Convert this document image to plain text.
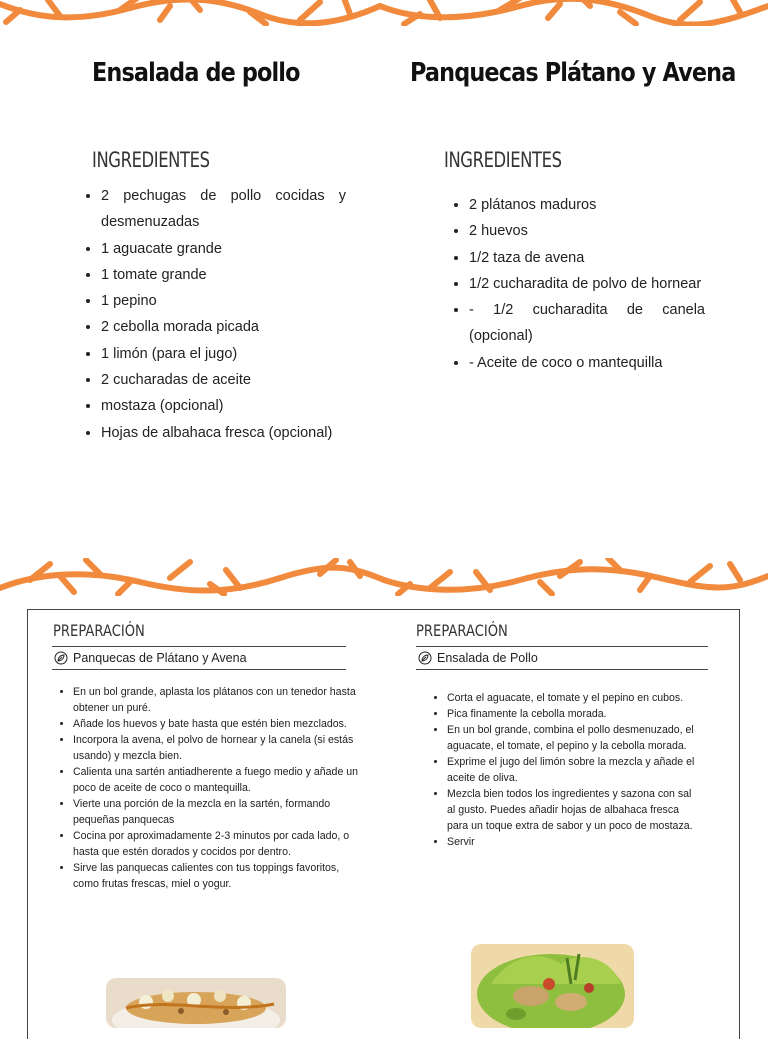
Ensalada de pollo	Panquecas Plátano y Avena
INGREDIENTES	INGREDIENTES
• 2 pechugas de pollo cocidas y desmenuzadas
• 1 aguacate grande
• 1 tomate grande
• 1 pepino
• 2 cebolla morada picada
• 1 limón (para el jugo)
• 2 cucharadas de aceite
• mostaza (opcional)
• Hojas de albahaca fresca (opcional)
• 2 plátanos maduros
• 2 huevos
• 1/2 taza de avena
• 1/2 cucharadita de polvo de hornear
• - 1/2 cucharadita de canela (opcional)
• - Aceite de coco o mantequilla
PREPARACIÓN	PREPARACIÓN
Panquecas de Plátano y Avena	Ensalada de Pollo
• En un bol grande, aplasta los plátanos con un tenedor hasta obtener un puré.
• Añade los huevos y bate hasta que estén bien mezclados.
• Incorpora la avena, el polvo de hornear y la canela (si estás usando) y mezcla bien.
• Calienta una sartén antiadherente a fuego medio y añade un poco de aceite de coco o mantequilla.
• Vierte una porción de la mezcla en la sartén, formando pequeñas panquecas
• Cocina por aproximadamente 2-3 minutos por cada lado, o hasta que estén dorados y cocidos por dentro.
• Sirve las panquecas calientes con tus toppings favoritos, como frutas frescas, miel o yogur.
• Corta el aguacate, el tomate y el pepino en cubos.
• Pica finamente la cebolla morada.
• En un bol grande, combina el pollo desmenuzado, el aguacate, el tomate, el pepino y la cebolla morada.
• Exprime el jugo del limón sobre la mezcla y añade el aceite de oliva.
• Mezcla bien todos los ingredientes y sazona con sal al gusto. Puedes añadir hojas de albahaca fresca para un toque extra de sabor y un poco de mostaza.
• Servir
